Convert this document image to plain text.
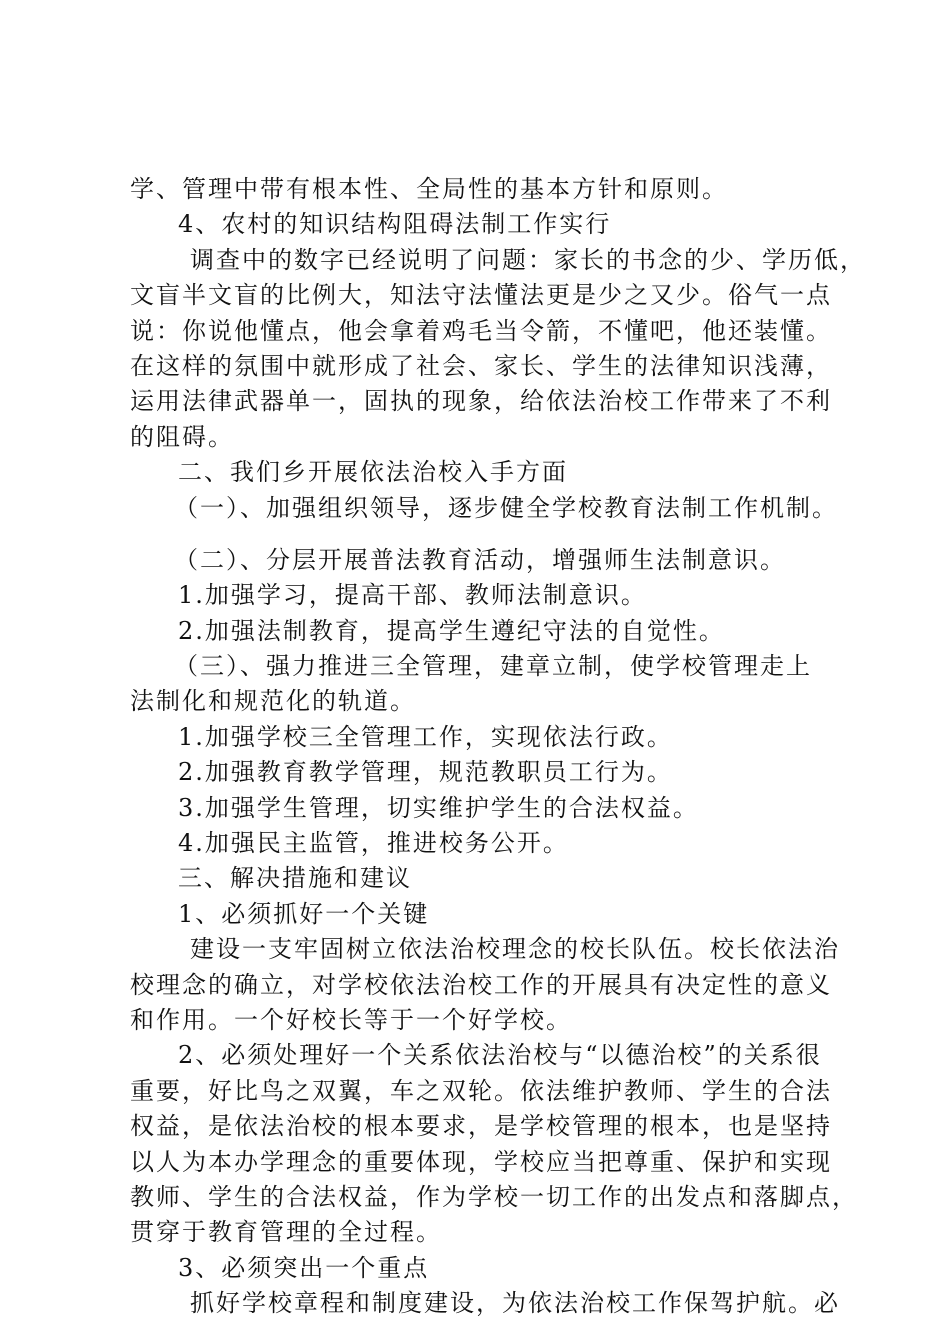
学、管理中带有根本性、全局性的基本方针和原则。
4、农村的知识结构阻碍法制工作实行
调查中的数字已经说明了问题：家长的书念的少、学历低，
文盲半文盲的比例大，知法守法懂法更是少之又少。俗气一点
说：你说他懂点，他会拿着鸡毛当令箭，不懂吧，他还装懂。
在这样的氛围中就形成了社会、家长、学生的法律知识浅薄，
运用法律武器单一，固执的现象，给依法治校工作带来了不利
的阻碍。
二、我们乡开展依法治校入手方面
（一）、加强组织领导，逐步健全学校教育法制工作机制。
（二）、分层开展普法教育活动，增强师生法制意识。
1.加强学习，提高干部、教师法制意识。
2.加强法制教育，提高学生遵纪守法的自觉性。
（三）、强力推进三全管理，建章立制，使学校管理走上
法制化和规范化的轨道。
1.加强学校三全管理工作，实现依法行政。
2.加强教育教学管理，规范教职员工行为。
3.加强学生管理，切实维护学生的合法权益。
4.加强民主监管，推进校务公开。
三、解决措施和建议
1、必须抓好一个关键
建设一支牢固树立依法治校理念的校长队伍。校长依法治
校理念的确立，对学校依法治校工作的开展具有决定性的意义
和作用。一个好校长等于一个好学校。
2、必须处理好一个关系依法治校与“以德治校”的关系很
重要，好比鸟之双翼，车之双轮。依法维护教师、学生的合法
权益，是依法治校的根本要求，是学校管理的根本，也是坚持
以人为本办学理念的重要体现，学校应当把尊重、保护和实现
教师、学生的合法权益，作为学校一切工作的出发点和落脚点，
贯穿于教育管理的全过程。
3、必须突出一个重点
抓好学校章程和制度建设，为依法治校工作保驾护航。必
